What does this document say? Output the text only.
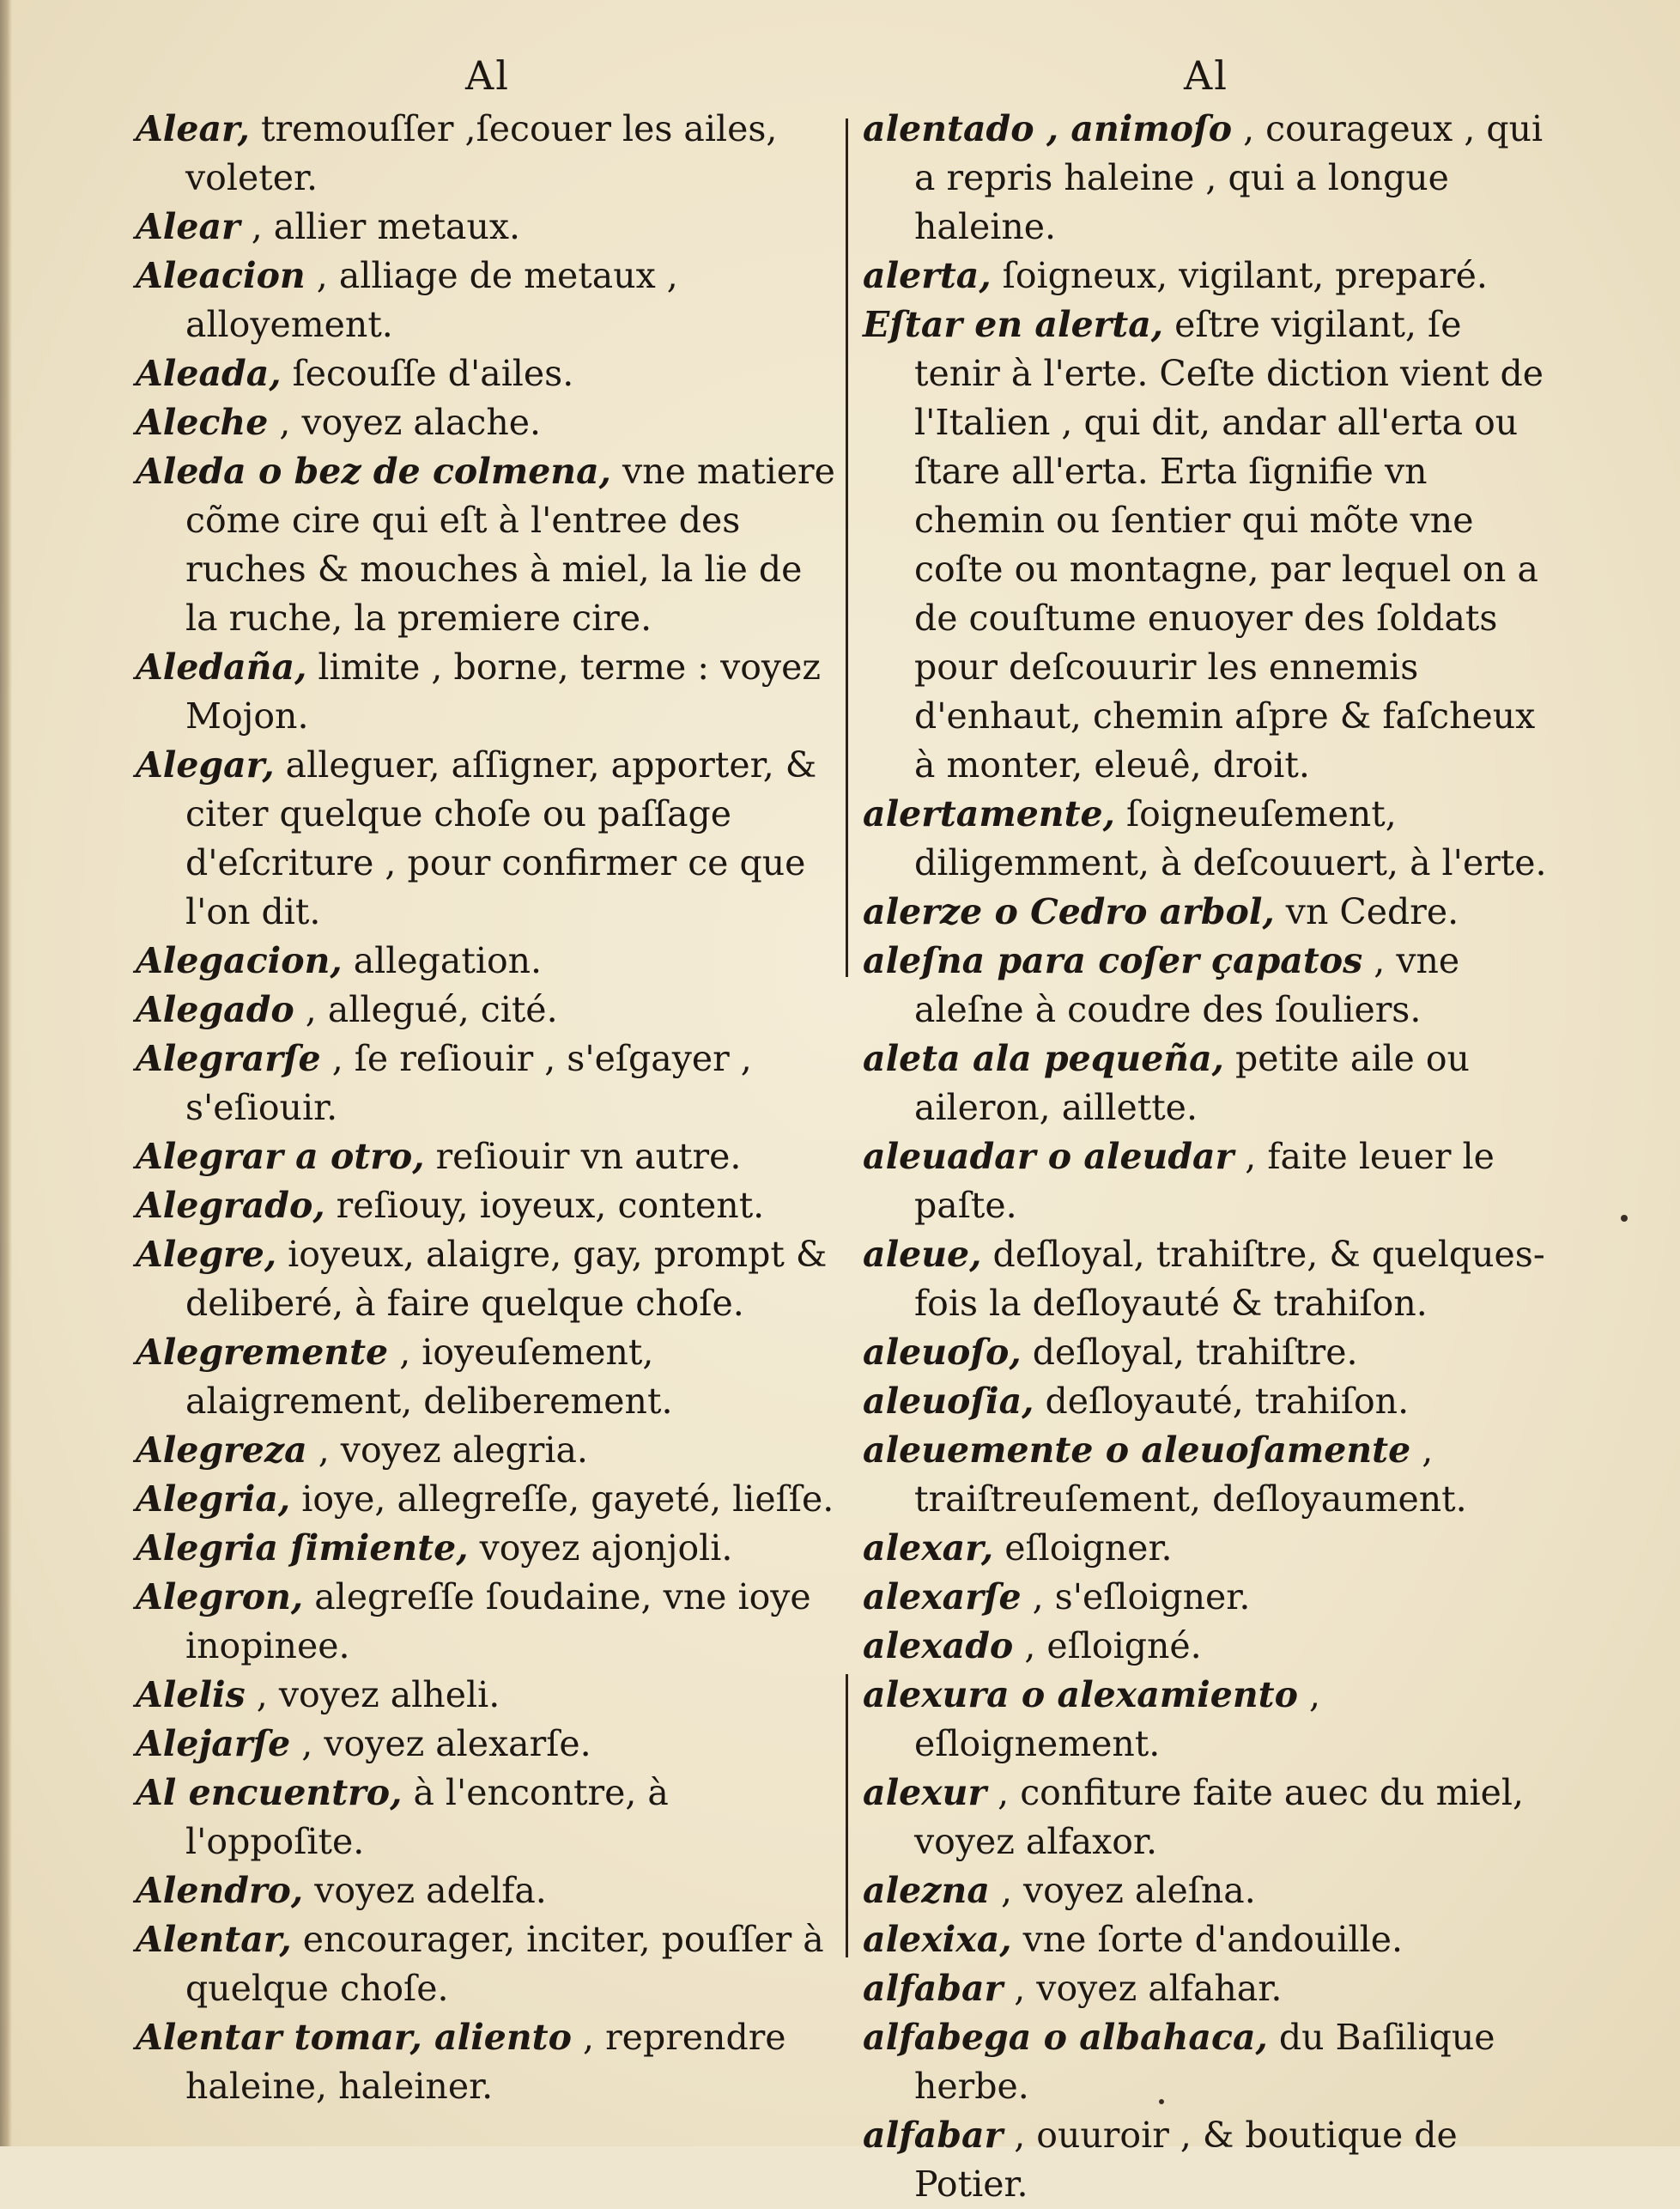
Al

Alear, tremouſſer ,ſecouer les ailes, voleter.

Alear , allier metaux.

Aleacion , alliage de metaux , alloyement.

Aleada, ſecouſſe d'ailes.

Aleche , voyez alache.

Aleda o bez de colmena, vne matiere cõme cire qui eſt à l'entree des ruches & mouches à miel, la lie de la ruche, la premiere cire.

Aledaña, limite , borne, terme : voyez Mojon.

Alegar, alleguer, aſſigner, apporter, & citer quelque choſe ou paſſage d'eſcriture , pour confirmer ce que l'on dit.

Alegacion, allegation.

Alegado , allegué, cité.

Alegrarſe , ſe reſiouir , s'eſgayer , s'eſiouir.

Alegrar a otro, reſiouir vn autre.

Alegrado, reſiouy, ioyeux, content.

Alegre, ioyeux, alaigre, gay, prompt & deliberé, à faire quelque choſe.

Alegremente , ioyeuſement, alaigrement, deliberement.

Alegreza , voyez alegria.

Alegria, ioye, allegreſſe, gayeté, lieſſe.

Alegria ſimiente, voyez ajonjoli.

Alegron, alegreſſe ſoudaine, vne ioye inopinee.

Alelis , voyez alheli.

Alejarſe , voyez alexarſe.

Al encuentro, à l'encontre, à l'oppoſite.

Alendro, voyez adelfa.

Alentar, encourager, inciter, pouſſer à quelque choſe.

Alentar tomar, aliento , reprendre haleine, haleiner.

Al

alentado , animoſo , courageux , qui a repris haleine , qui a longue haleine.

alerta, ſoigneux, vigilant, preparé.

Eſtar en alerta, eſtre vigilant, ſe tenir à l'erte. Ceſte diction vient de l'Italien , qui dit, andar all'erta ou ſtare all'erta. Erta ſignifie vn chemin ou ſentier qui mõte vne coſte ou montagne, par lequel on a de couſtume enuoyer des ſoldats pour deſcouurir les ennemis d'enhaut, chemin aſpre & faſcheux à monter, eleuê, droit.

alertamente, ſoigneuſement, diligemment, à deſcouuert, à l'erte.

alerze o Cedro arbol, vn Cedre.

aleſna para coſer çapatos , vne aleſne à coudre des ſouliers.

aleta ala pequeña, petite aile ou aileron, aillette.

aleuadar o aleudar , faite leuer le paſte.

aleue, deſloyal, trahiſtre, & quelques-fois la deſloyauté & trahiſon.

aleuoſo, deſloyal, trahiſtre.

aleuoſia, deſloyauté, trahiſon.

aleuemente o aleuoſamente , traiſtreuſement, deſloyaument.

alexar, eſloigner.

alexarſe , s'eſloigner.

alexado , eſloigné.

alexura o alexamiento , eſloignement.

alexur , confiture faite auec du miel, voyez alfaxor.

alezna , voyez aleſna.

alexixa, vne ſorte d'andouille.

alfabar , voyez alfahar.

alfabega o albahaca, du Baſilique herbe.

alfabar , ouuroir , & boutique de Potier.
